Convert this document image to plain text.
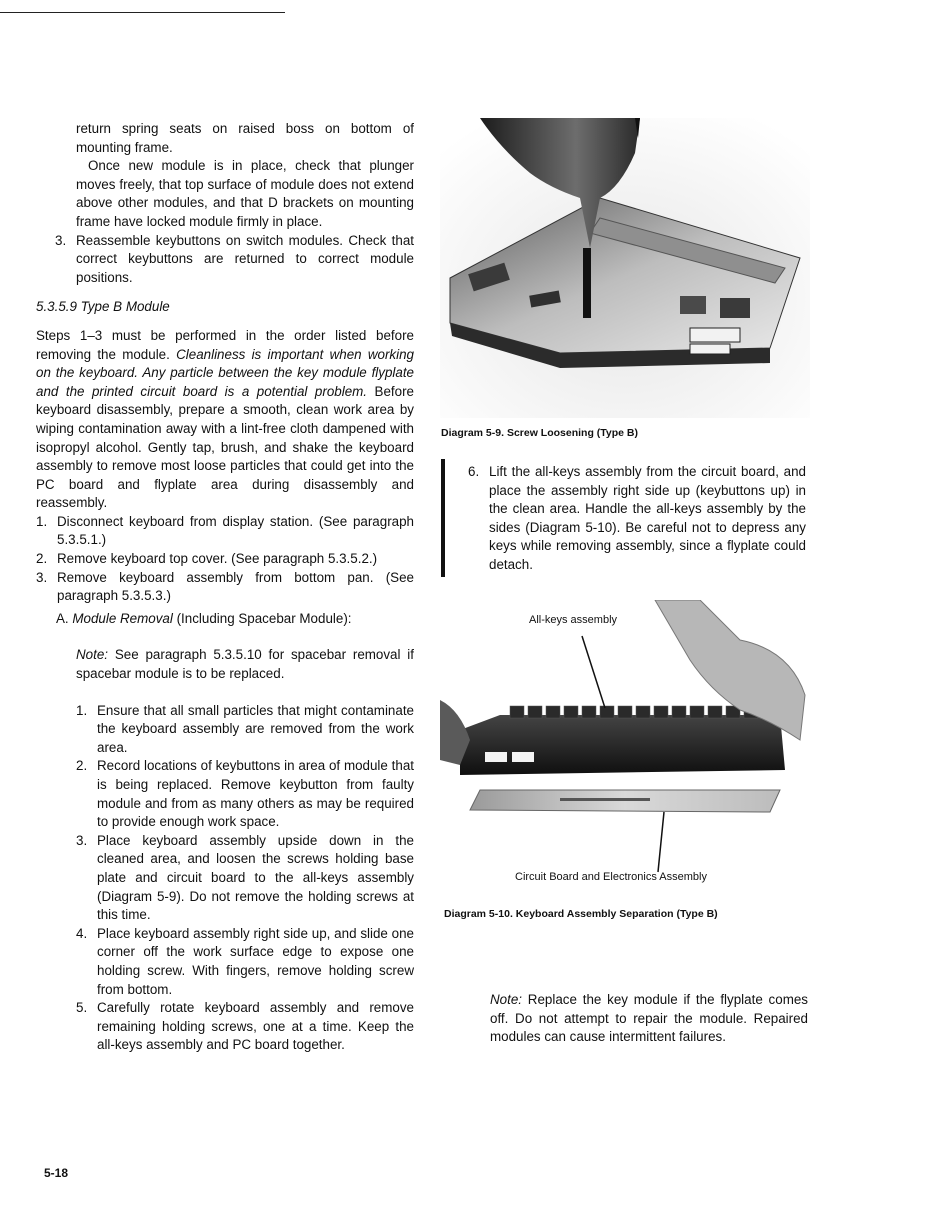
return spring seats on raised boss on bottom of mounting frame.

Once new module is in place, check that plunger moves freely, that top surface of module does not extend above other modules, and that D brackets on mounting frame have locked module firmly in place.

3. Reassemble keybuttons on switch modules. Check that correct keybuttons are returned to correct module positions.

5.3.5.9 Type B Module

Steps 1–3 must be performed in the order listed before removing the module. Cleanliness is important when working on the keyboard. Any particle between the key module flyplate and the printed circuit board is a potential problem. Before keyboard disassembly, prepare a smooth, clean work area by wiping contamination away with a lint-free cloth dampened with isopropyl alcohol. Gently tap, brush, and shake the keyboard assembly to remove most loose particles that could get into the PC board and flyplate area during disassembly and reassembly.

1. Disconnect keyboard from display station. (See paragraph 5.3.5.1.)
2. Remove keyboard top cover. (See paragraph 5.3.5.2.)
3. Remove keyboard assembly from bottom pan. (See paragraph 5.3.5.3.)

A. Module Removal (Including Spacebar Module):

Note: See paragraph 5.3.5.10 for spacebar removal if spacebar module is to be replaced.

1. Ensure that all small particles that might contaminate the keyboard assembly are removed from the work area.
2. Record locations of keybuttons in area of module that is being replaced. Remove keybutton from faulty module and from as many others as may be required to provide enough work space.
3. Place keyboard assembly upside down in the cleaned area, and loosen the screws holding base plate and circuit board to the all-keys assembly (Diagram 5-9). Do not remove the holding screws at this time.
4. Place keyboard assembly right side up, and slide one corner off the work surface edge to expose one holding screw. With fingers, remove holding screw from bottom.
5. Carefully rotate keyboard assembly and remove remaining holding screws, one at a time. Keep the all-keys assembly and PC board together.
Diagram 5-9. Screw Loosening (Type B)
6. Lift the all-keys assembly from the circuit board, and place the assembly right side up (keybuttons up) in the clean area. Handle the all-keys assembly by the sides (Diagram 5-10). Be careful not to depress any keys while removing assembly, since a flyplate could detach.
All-keys assembly
Circuit Board and Electronics Assembly
Diagram 5-10. Keyboard Assembly Separation (Type B)

Note: Replace the key module if the flyplate comes off. Do not attempt to repair the module. Repaired modules can cause intermittent failures.

5-18
